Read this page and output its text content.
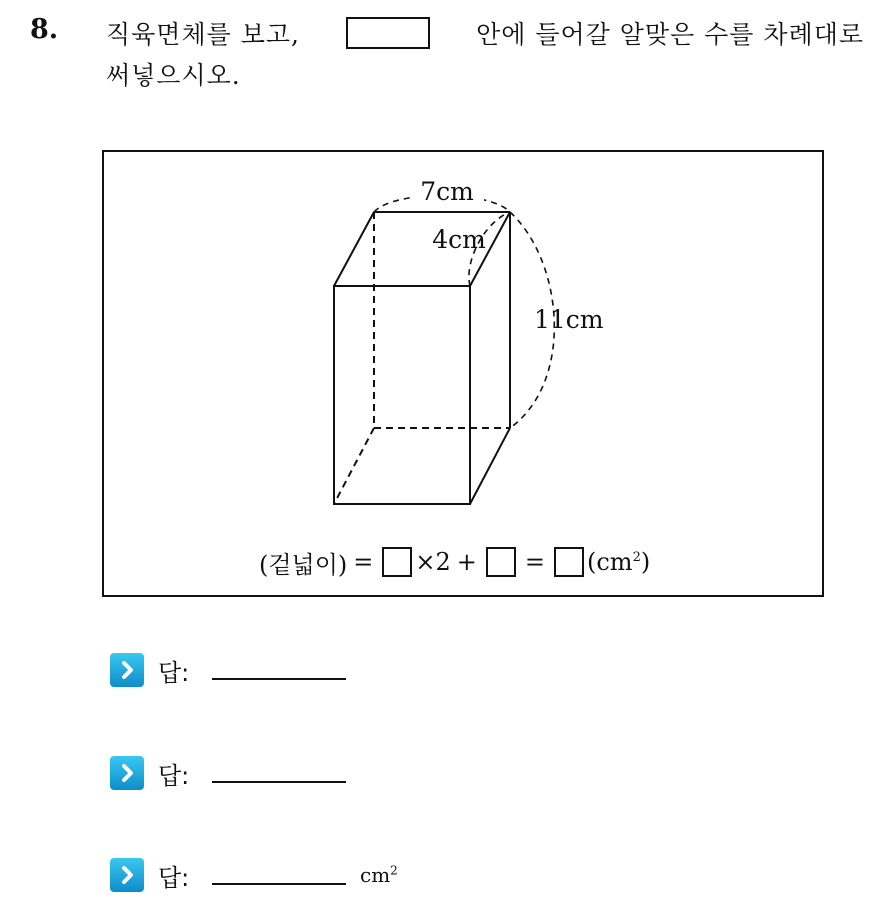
8. 직육면체를 보고,	안에 들어갈 알맞은 수를 차례대로
써넣으시오.
7cm
4cm
11cm
(겉넓이) = ×2 + = $(cm^2)$
답:
답:
답:	$cm^2$
